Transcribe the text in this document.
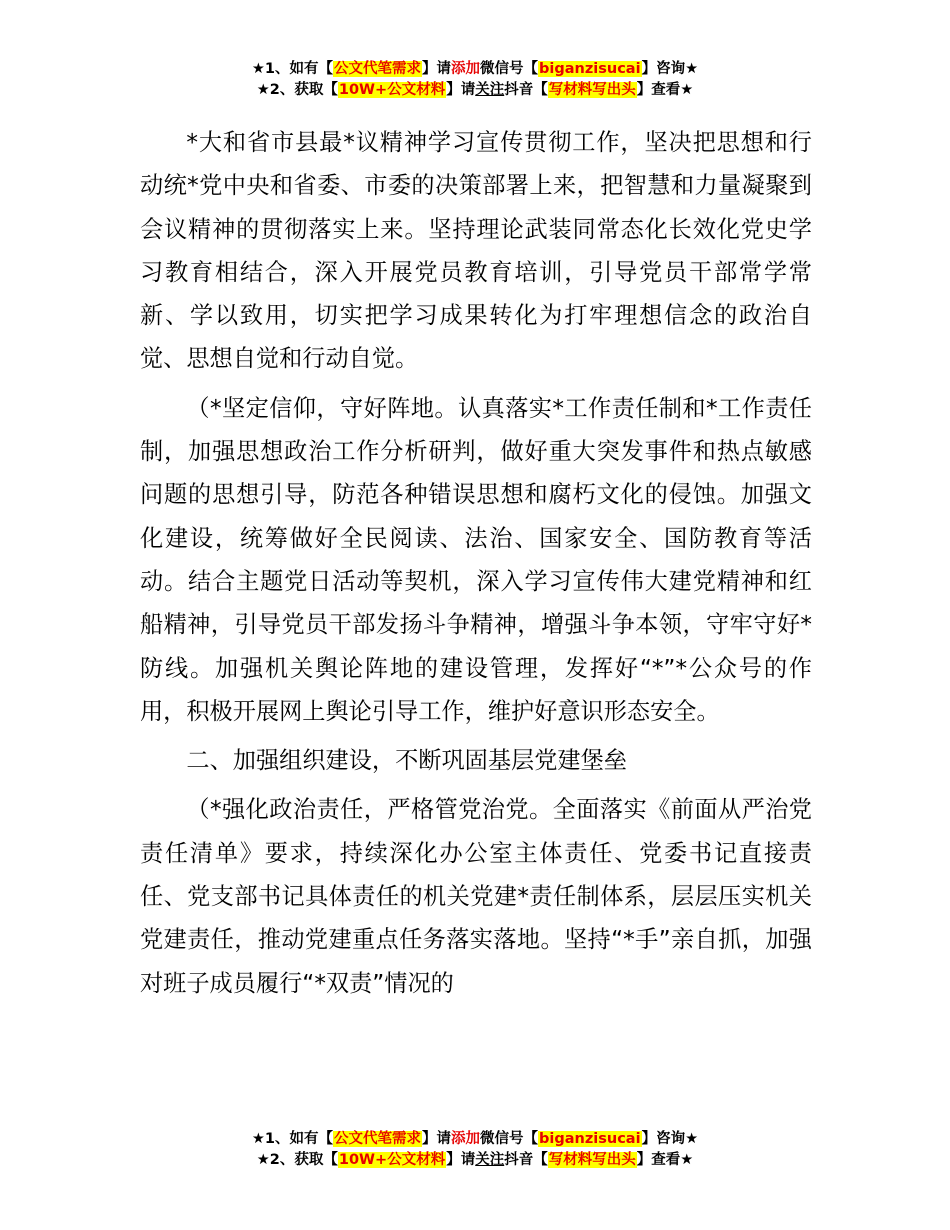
★1、如有【公文代笔需求】请添加微信号【biganzisucai】咨询★
★2、获取【10W+公文材料】请关注抖音【写材料写出头】查看★

*大和省市县最*议精神学习宣传贯彻工作，坚决把思想和行动统*党中央和省委、市委的决策部署上来，把智慧和力量凝聚到会议精神的贯彻落实上来。坚持理论武装同常态化长效化党史学习教育相结合，深入开展党员教育培训，引导党员干部常学常新、学以致用，切实把学习成果转化为打牢理想信念的政治自觉、思想自觉和行动自觉。

（*坚定信仰，守好阵地。认真落实*工作责任制和*工作责任制，加强思想政治工作分析研判，做好重大突发事件和热点敏感问题的思想引导，防范各种错误思想和腐朽文化的侵蚀。加强文化建设，统筹做好全民阅读、法治、国家安全、国防教育等活动。结合主题党日活动等契机，深入学习宣传伟大建党精神和红船精神，引导党员干部发扬斗争精神，增强斗争本领，守牢守好*防线。加强机关舆论阵地的建设管理，发挥好“*”*公众号的作用，积极开展网上舆论引导工作，维护好意识形态安全。

二、加强组织建设，不断巩固基层党建堡垒

（*强化政治责任，严格管党治党。全面落实《前面从严治党责任清单》要求，持续深化办公室主体责任、党委书记直接责任、党支部书记具体责任的机关党建*责任制体系，层层压实机关党建责任，推动党建重点任务落实落地。坚持“*手”亲自抓，加强对班子成员履行“*双责”情况的

★1、如有【公文代笔需求】请添加微信号【biganzisucai】咨询★
★2、获取【10W+公文材料】请关注抖音【写材料写出头】查看★
